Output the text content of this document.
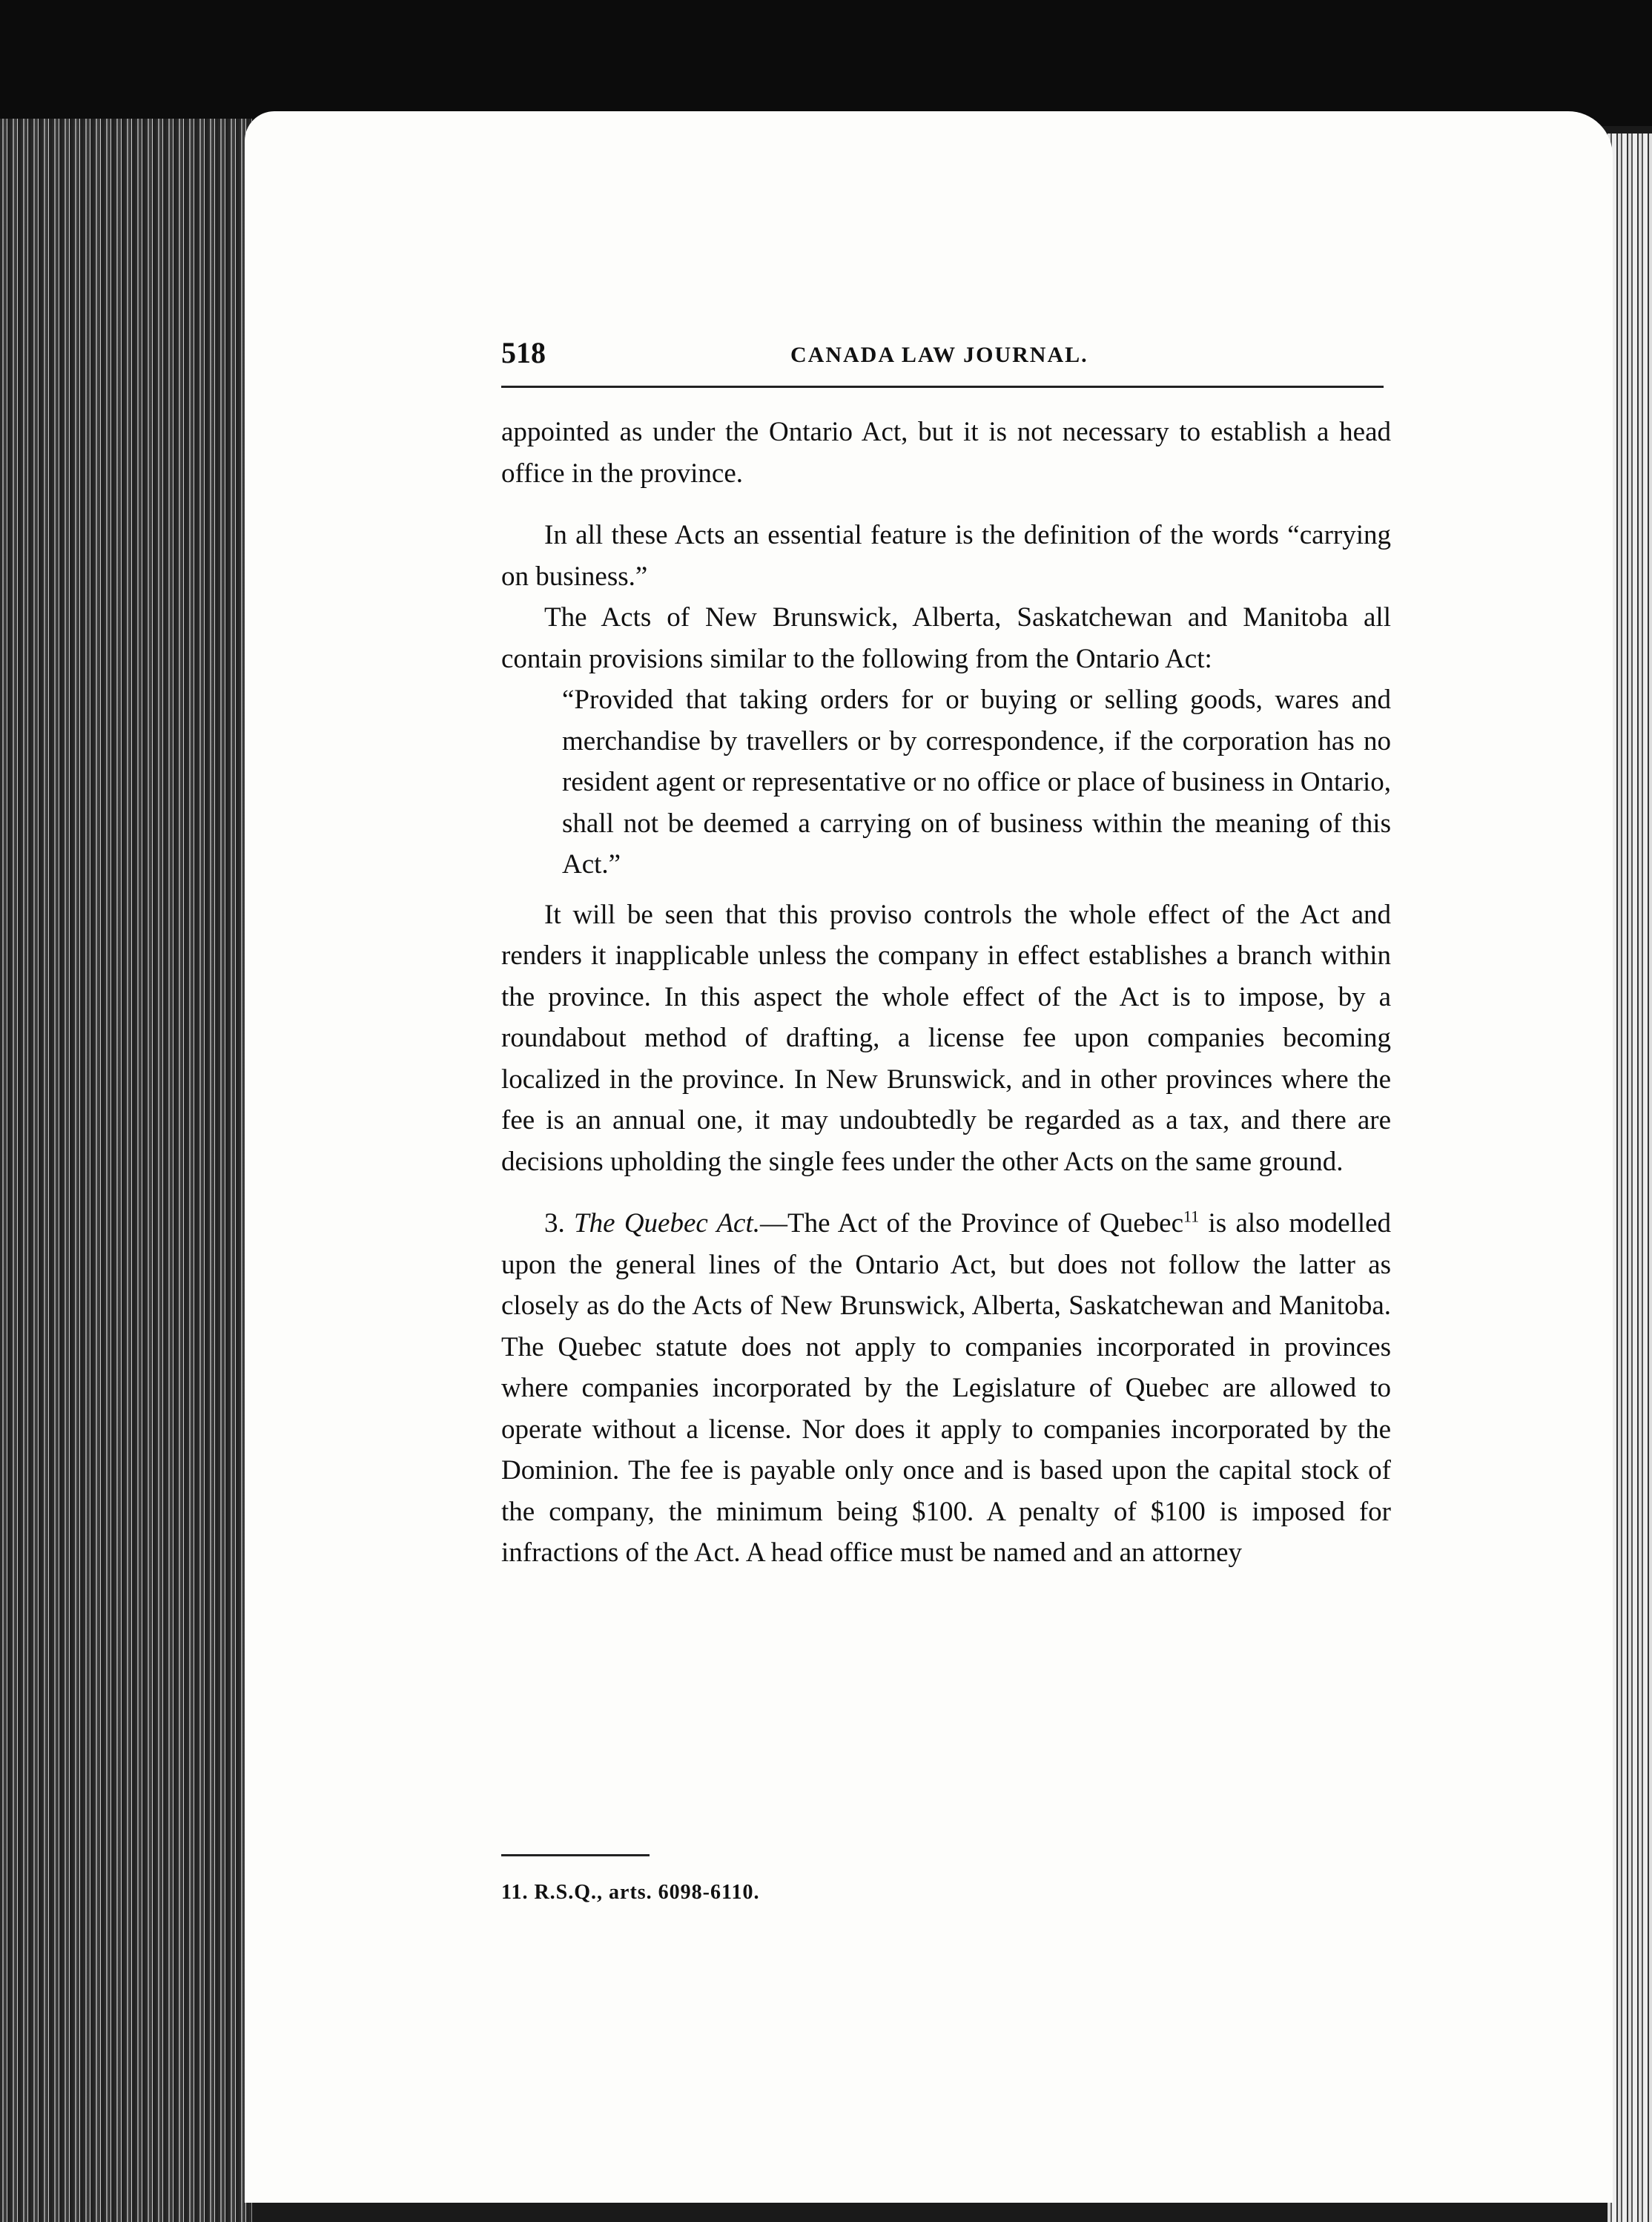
518	CANADA LAW JOURNAL.

appointed as under the Ontario Act, but it is not necessary to establish a head office in the province.

In all these Acts an essential feature is the definition of the words “carrying on business.”

The Acts of New Brunswick, Alberta, Saskatchewan and Manitoba all contain provisions similar to the following from the Ontario Act:

“Provided that taking orders for or buying or selling goods, wares and merchandise by travellers or by correspondence, if the corporation has no resident agent or representative or no office or place of business in Ontario, shall not be deemed a carrying on of business within the meaning of this Act.”

It will be seen that this proviso controls the whole effect of the Act and renders it inapplicable unless the company in effect establishes a branch within the province. In this aspect the whole effect of the Act is to impose, by a roundabout method of drafting, a license fee upon companies becoming localized in the province. In New Brunswick, and in other provinces where the fee is an annual one, it may undoubtedly be regarded as a tax, and there are decisions upholding the single fees under the other Acts on the same ground.

3. The Quebec Act.—The Act of the Province of Quebec$^{11}$ is also modelled upon the general lines of the Ontario Act, but does not follow the latter as closely as do the Acts of New Brunswick, Alberta, Saskatchewan and Manitoba. The Quebec statute does not apply to companies incorporated in provinces where companies incorporated by the Legislature of Quebec are allowed to operate without a license. Nor does it apply to companies incorporated by the Dominion. The fee is payable only once and is based upon the capital stock of the company, the minimum being $100. A penalty of $100 is imposed for infractions of the Act. A head office must be named and an attorney

11. R.S.Q., arts. 6098-6110.
